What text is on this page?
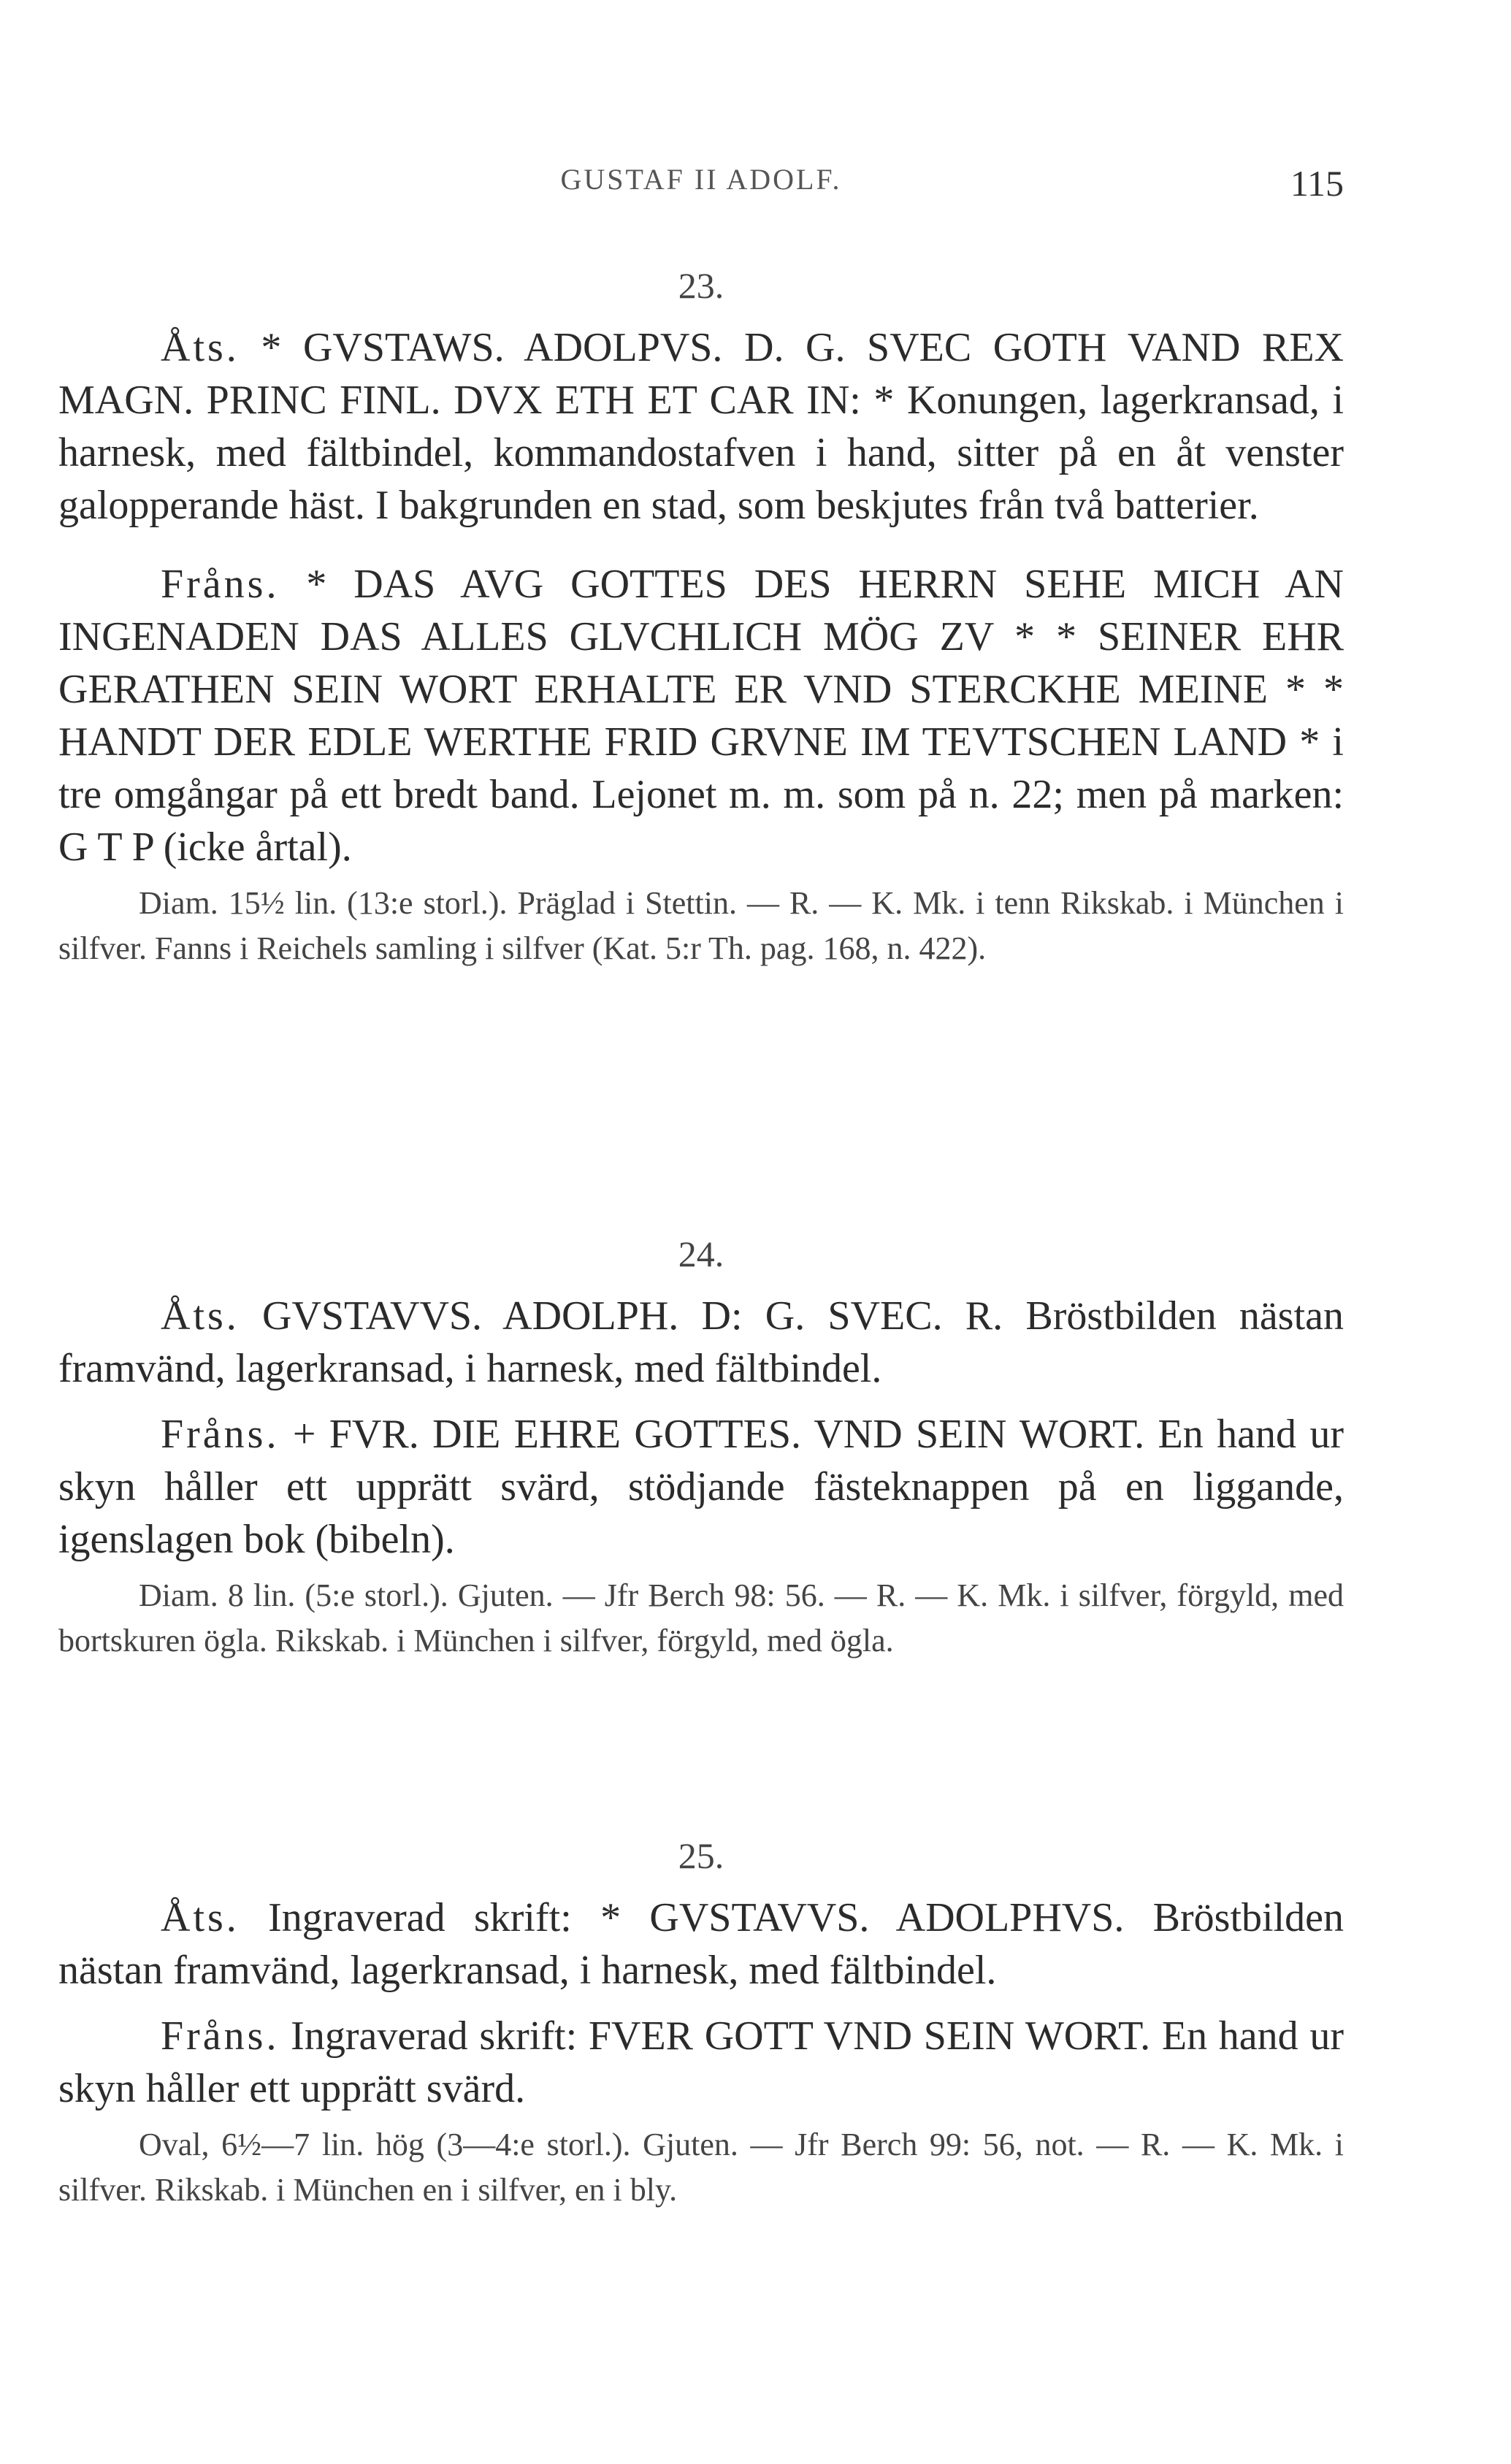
GUSTAF II ADOLF.	115
23.

Åts. * GVSTAWS. ADOLPVS. D. G. SVEC GOTH VAND REX MAGN. PRINC FINL. DVX ETH ET CAR IN: * Konungen, lagerkransad, i harnesk, med fältbindel, kommandostafven i hand, sitter på en åt venster galopperande häst. I bakgrunden en stad, som beskjutes från två batterier.

Fråns. * DAS AVG GOTTES DES HERRN SEHE MICH AN INGENADEN DAS ALLES GLVCHLICH MÖG ZV * * SEINER EHR GERATHEN SEIN WORT ERHALTE ER VND STERCKHE MEINE * * HANDT DER EDLE WERTHE FRID GRVNE IM TEVTSCHEN LAND * i tre omgångar på ett bredt band. Lejonet m. m. som på n. 22; men på marken: G T P (icke årtal).

Diam. 15½ lin. (13:e storl.). Präglad i Stettin. — R. — K. Mk. i tenn Rikskab. i München i silfver. Fanns i Reichels samling i silfver (Kat. 5:r Th. pag. 168, n. 422).

24.

Åts. GVSTAVVS. ADOLPH. D: G. SVEC. R. Bröstbilden nästan framvänd, lagerkransad, i harnesk, med fältbindel.

Fråns. + FVR. DIE EHRE GOTTES. VND SEIN WORT. En hand ur skyn håller ett upprätt svärd, stödjande fästeknappen på en liggande, igenslagen bok (bibeln).

Diam. 8 lin. (5:e storl.). Gjuten. — Jfr Berch 98: 56. — R. — K. Mk. i silfver, förgyld, med bortskuren ögla. Rikskab. i München i silfver, förgyld, med ögla.

25.

Åts. Ingraverad skrift: * GVSTAVVS. ADOLPHVS. Bröstbilden nästan framvänd, lagerkransad, i harnesk, med fältbindel.

Fråns. Ingraverad skrift: FVER GOTT VND SEIN WORT. En hand ur skyn håller ett upprätt svärd.

Oval, 6½—7 lin. hög (3—4:e storl.). Gjuten. — Jfr Berch 99: 56, not. — R. — K. Mk. i silfver. Rikskab. i München en i silfver, en i bly.
